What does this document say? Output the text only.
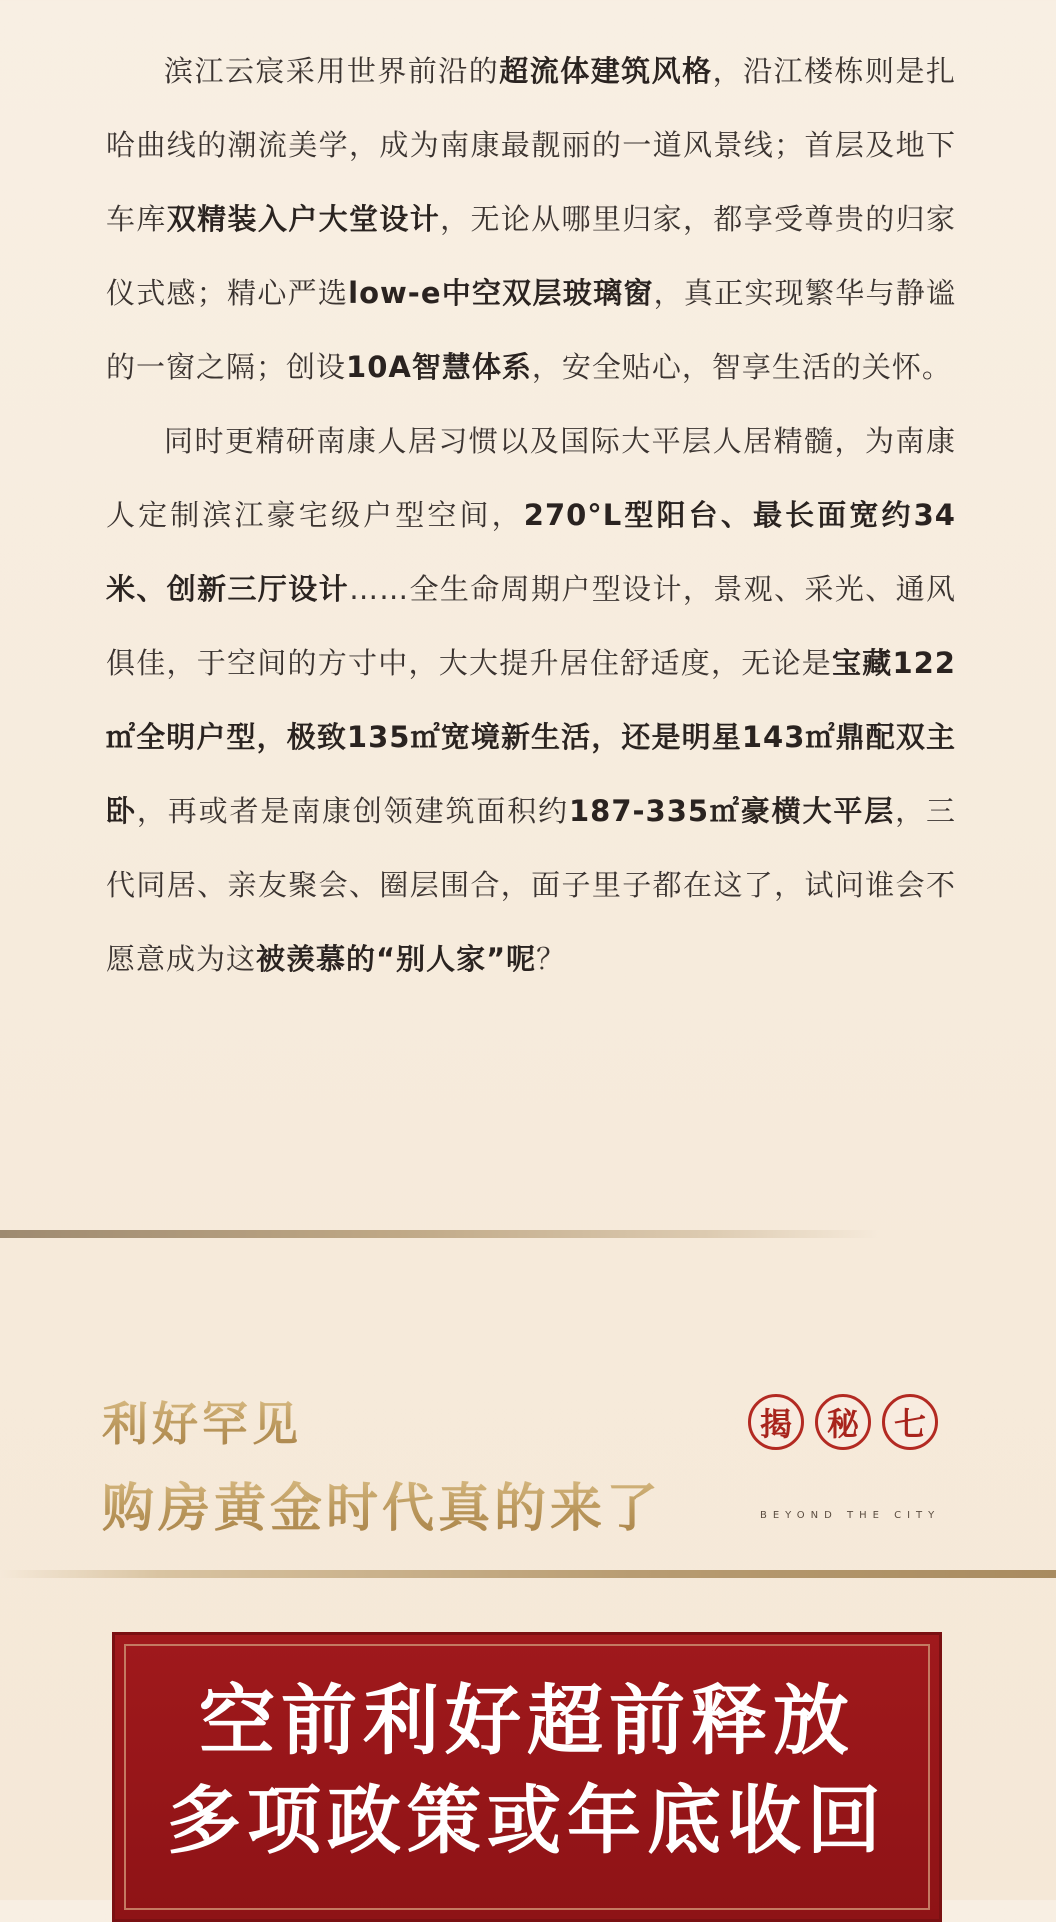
滨江云宸采用世界前沿的超流体建筑风格，沿江楼栋则是扎哈曲线的潮流美学，成为南康最靓丽的一道风景线；首层及地下车库双精装入户大堂设计，无论从哪里归家，都享受尊贵的归家仪式感；精心严选low-e中空双层玻璃窗，真正实现繁华与静谧的一窗之隔；创设10A智慧体系，安全贴心，智享生活的关怀。

同时更精研南康人居习惯以及国际大平层人居精髓，为南康人定制滨江豪宅级户型空间，270°L型阳台、最长面宽约34米、创新三厅设计……全生命周期户型设计，景观、采光、通风俱佳，于空间的方寸中，大大提升居住舒适度，无论是宝藏122㎡全明户型，极致135㎡宽境新生活，还是明星143㎡鼎配双主卧，再或者是南康创领建筑面积约187-335㎡豪横大平层，三代同居、亲友聚会、圈层围合，面子里子都在这了，试问谁会不愿意成为这被羡慕的“别人家”呢？

利好罕见
购房黄金时代真的来了
揭	秘	七
BEYOND THE CITY
空前利好超前释放
多项政策或年底收回
